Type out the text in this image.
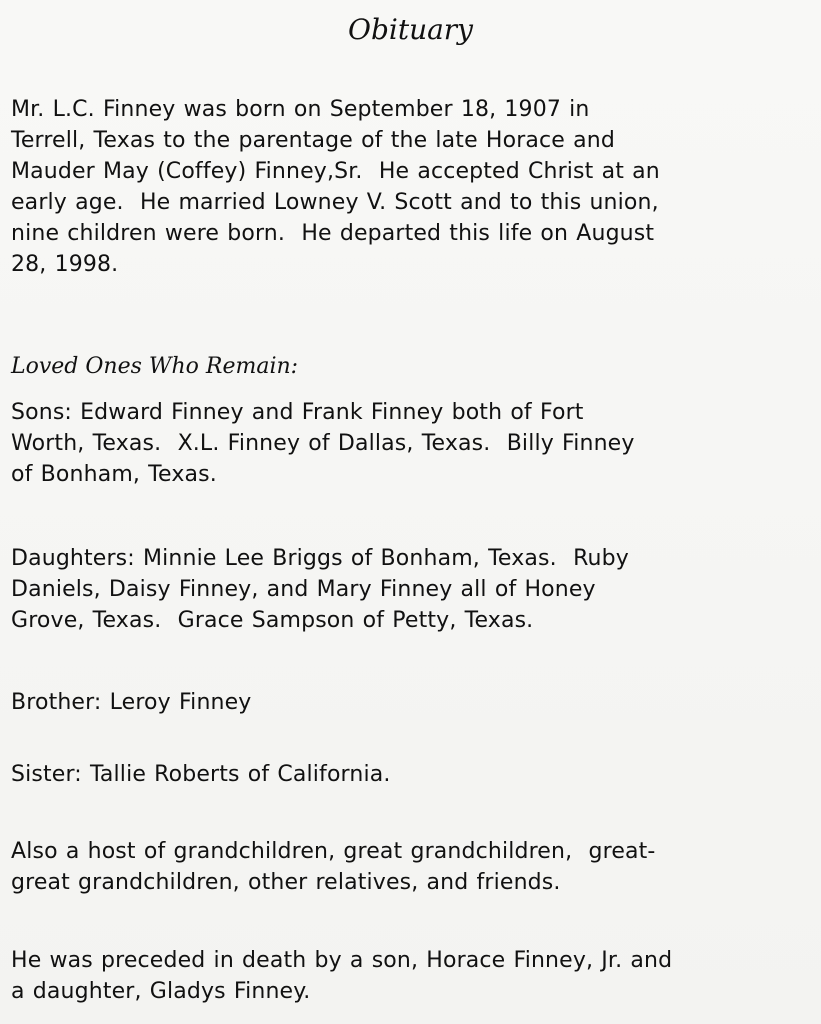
Obituary

Mr. L.C. Finney was born on September 18, 1907 in
Terrell, Texas to the parentage of the late Horace and
Mauder May (Coffey) Finney,Sr.  He accepted Christ at an
early age.  He married Lowney V. Scott and to this union,
nine children were born.  He departed this life on August
28, 1998.

Loved Ones Who Remain:

Sons: Edward Finney and Frank Finney both of Fort
Worth, Texas.  X.L. Finney of Dallas, Texas.  Billy Finney
of Bonham, Texas.

Daughters: Minnie Lee Briggs of Bonham, Texas.  Ruby
Daniels, Daisy Finney, and Mary Finney all of Honey
Grove, Texas.  Grace Sampson of Petty, Texas.

Brother: Leroy Finney

Sister: Tallie Roberts of California.

Also a host of grandchildren, great grandchildren,  great-
great grandchildren, other relatives, and friends.

He was preceded in death by a son, Horace Finney, Jr. and
a daughter, Gladys Finney.
